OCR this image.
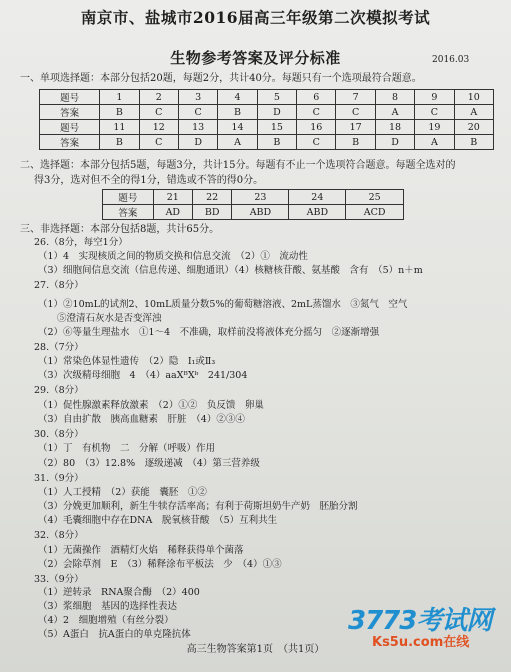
南京市、盐城市2016届高三年级第二次模拟考试
生物参考答案及评分标准	2016.03
一、单项选择题：本部分包括20题，每题2分，共计40分。每题只有一个选项最符合题意。
题号	1	2	3	4	5	6	7	8	9	10
答案	B	C	C	B	D	C	C	A	C	A
题号	11	12	13	14	15	16	17	18	19	20
答案	B	C	D	A	B	C	B	D	A	B
二、选择题：本部分包括5题，每题3分，共计15分。每题有不止一个选项符合题意。每题全选对的
得3分，选对但不全的得1分，错选或不答的得0分。
题号	21	22	23	24	25
答案	AD	BD	ABD	ABD	ACD
三、非选择题：本部分包括8题，共计65分。
26.（8分，每空1分）
（1）4　实现核质之间的物质交换和信息交流　（2）①　流动性
（3）细胞间信息交流（信息传递、细胞通讯）（4）核糖核苷酸、氨基酸　含有　（5）n＋m
27.（8分）
（1）②10mL的试剂2、10mL质量分数5%的葡萄糖溶液、2mL蒸馏水　③氮气　空气
　　⑤澄清石灰水是否变浑浊
（2）⑥等量生理盐水　①1～4　不准确，取样前没将液体充分摇匀　②逐渐增强
28.（7分）
（1）常染色体显性遗传　（2）隐　Ⅰ₁或Ⅱ₃
（3）次级精母细胞　4　（4）aaXᴮXᵇ　241/304
29.（8分）
（1）促性腺激素释放激素　（2）①②　负反馈　卵巢
（3）自由扩散　胰高血糖素　肝脏　（4）②③④
30.（8分）
（1）丁　有机物　二　分解（呼吸）作用
（2）80　（3）12.8%　逐级递减　（4）第三营养级
31.（9分）
（1）人工授精　（2）获能　囊胚　①②
（3）分娩更加顺利，新生牛犊存活率高；有利于荷斯坦奶牛产奶　胚胎分割
（4）毛囊细胞中存在DNA　脱氧核苷酸　（5）互利共生
32.（8分）
（1）无菌操作　酒精灯火焰　稀释获得单个菌落
（2）会除草剂　E　（3）稀释涂布平板法　少　（4）①③
33.（9分）
（1）逆转录　RNA聚合酶　（2）400
（3）浆细胞　基因的选择性表达
（4）2　细胞增殖（有丝分裂）
（5）A蛋白　抗A蛋白的单克隆抗体
高三生物答案第1页　（共1页）
3773考试网
Ks5u.com在线
